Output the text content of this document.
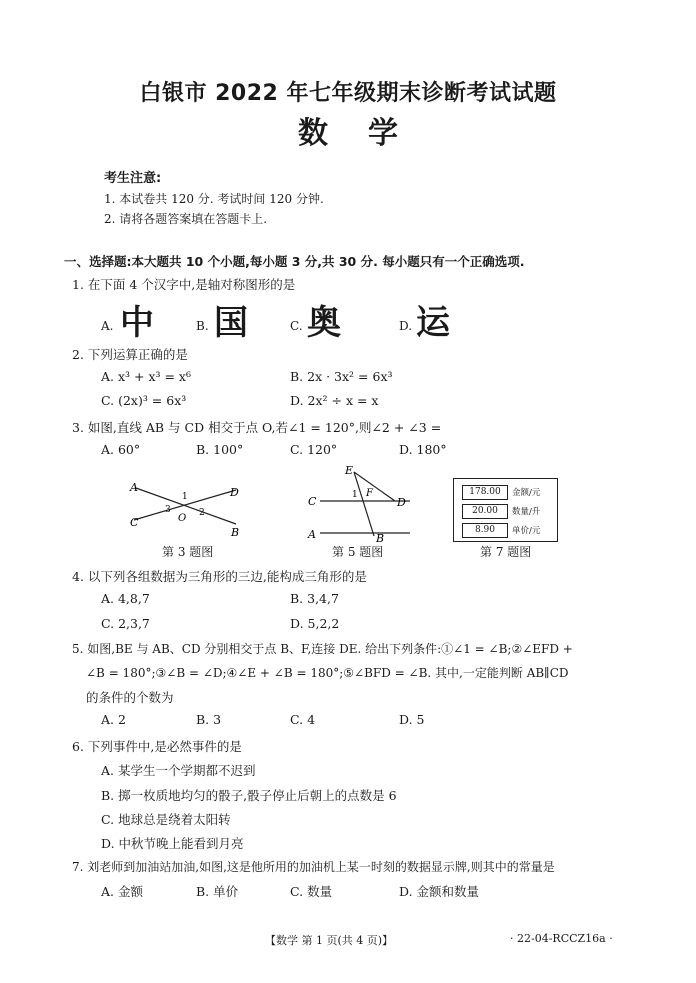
白银市 2022 年七年级期末诊断考试试题
数学
考生注意:
1. 本试卷共 120 分. 考试时间 120 分钟.
2. 请将各题答案填在答题卡上.
一、选择题:本大题共 10 个小题,每小题 3 分,共 30 分. 每小题只有一个正确选项.
1. 在下面 4 个汉字中,是轴对称图形的是
A. 中	B. 国	C. 奥	D. 运
2. 下列运算正确的是
A. x³ + x³ = x⁶	B. 2x · 3x² = 6x³
C. (2x)³ = 6x³	D. 2x² ÷ x = x
3. 如图,直线 AB 与 CD 相交于点 O,若∠1 = 120°,则∠2 + ∠3 =
A. 60°	B. 100°	C. 120°	D. 180°
A
B
C
D
O
1
2
3
第 3 题图
E
C	D
F
1
A	B
第 5 题图
178.00	金额/元
20.00	数量/升
8.90	单价/元
第 7 题图
4. 以下列各组数据为三角形的三边,能构成三角形的是
A. 4,8,7	B. 3,4,7
C. 2,3,7	D. 5,2,2
5. 如图,BE 与 AB、CD 分别相交于点 B、F,连接 DE. 给出下列条件:①∠1 = ∠B;②∠EFD +
∠B = 180°;③∠B = ∠D;④∠E + ∠B = 180°;⑤∠BFD = ∠B. 其中,一定能判断 AB∥CD
的条件的个数为
A. 2	B. 3	C. 4	D. 5
6. 下列事件中,是必然事件的是
A. 某学生一个学期都不迟到
B. 掷一枚质地均匀的骰子,骰子停止后朝上的点数是 6
C. 地球总是绕着太阳转
D. 中秋节晚上能看到月亮
7. 刘老师到加油站加油,如图,这是他所用的加油机上某一时刻的数据显示牌,则其中的常量是
A. 金额	B. 单价	C. 数量	D. 金额和数量
【数学 第 1 页(共 4 页)】	· 22-04-RCCZ16a ·
